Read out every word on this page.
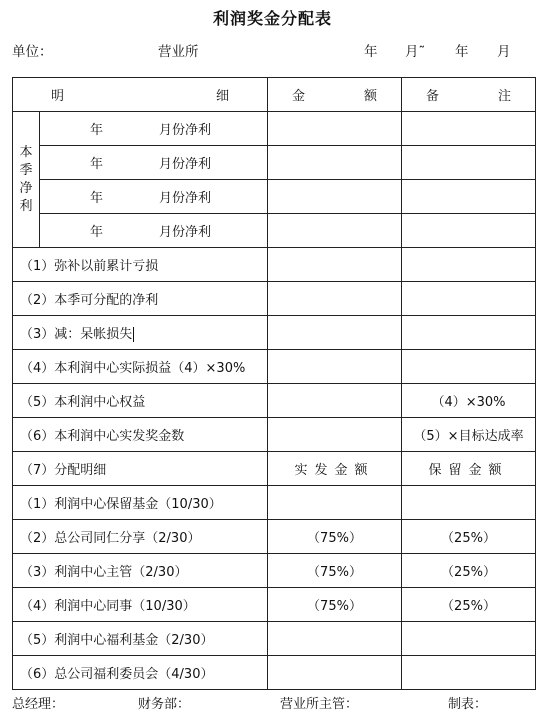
利润奖金分配表
单位：	营业所	年 月˜ 年 月
明 细		金 额	备 注

本
季
净
利	年 月份净利		
	年 月份净利		
	年 月份净利		
	年 月份净利		
（1）弥补以前累计亏损			
（2）本季可分配的净利			
（3）减：呆帐损失			
（4）本利润中心实际损益（4）×30%			
（5）本利润中心权益			（4）×30%
（6）本利润中心实发奖金数			（5）×目标达成率
（7）分配明细		实发金额	保留金额
（1）利润中心保留基金（10/30）			
（2）总公司同仁分享（2/30）		（75%）	（25%）
（3）利润中心主管（2/30）		（75%）	（25%）
（4）利润中心同事（10/30）		（75%）	（25%）
（5）利润中心福利基金（2/30）			
（6）总公司福利委员会（4/30）			
总经理：	财务部：	营业所主管：	制表：
